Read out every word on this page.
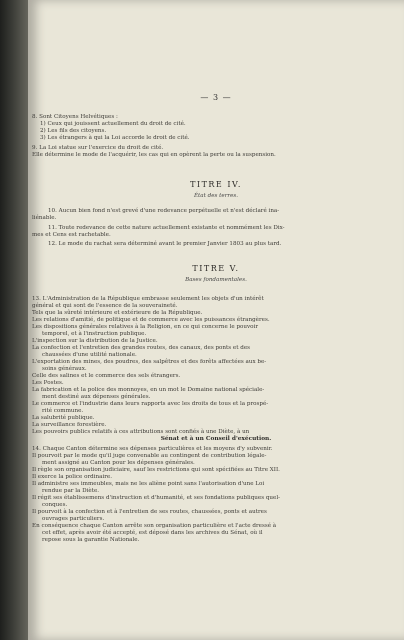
— 3 —
8. Sont Citoyens Helvétiques :
1) Ceux qui jouissent actuellement du droit de cité.
2) Les fils des citoyens.
3) Les étrangers à qui la Loi accorde le droit de cité.
9. La Loi statue sur l'exercice du droit de cité.
Elle détermine le mode de l'acquérir, les cas qui en opèrent la perte ou la suspension.
TITRE IV.
État des terres.
10. Aucun bien fond n'est grevé d'une redevance perpétuelle et n'est déclaré ina-
liénable.
11. Toute redevance de cette nature actuellement existante et nommément les Dix-
mes et Cens est rachetable.
12. Le mode du rachat sera déterminé avant le premier Janvier 1803 au plus tard.
TITRE V.
Bases fondamentales.
13. L'Administration de la République embrasse seulement les objets d'un intérêt
général et qui sont de l'essence de la souveraineté.
Tels que la sûreté intérieure et extérieure de la République.
Les relations d'amitié, de politique et de commerce avec les puissances étrangères.
Les dispositions générales relatives à la Religion, en ce qui concerne le pouvoir
temporel, et à l'instruction publique.
L'inspection sur la distribution de la Justice.
La confection et l'entretien des grandes routes, des canaux, des ponts et des
chaussées d'une utilité nationale.
L'exportation des mines, des poudres, des salpêtres et des forêts affectées aux be-
soins généraux.
Celle des salines et le commerce des sels étrangers.
Les Postes.
La fabrication et la police des monnoyes, en un mot le Domaine national spéciale-
ment destiné aux dépenses générales.
Le commerce et l'industrie dans leurs rapports avec les droits de tous et la prospé-
rité commune.
La salubrité publique.
La surveillance forestière.
Les pouvoirs publics relatifs à ces attributions sont confiés à une Diète, à un
Sénat et à un Conseil d'exécution.
14. Chaque Canton détermine ses dépenses particulières et les moyens d'y subvenir.
Il pourvoit par le mode qu'il juge convenable au contingent de contribution légale-
ment assigné au Canton pour les dépenses générales.
Il règle son organisation judiciaire, sauf les restrictions qui sont spécifiées au Titre XII.
Il exerce la police ordinaire.
Il administre ses immeubles, mais ne les aliène point sans l'autorisation d'une Loi
rendue par la Diète.
Il régit ses établissemens d'instruction et d'humanité, et ses fondations publiques quel-
conques.
Il pourvoit à la confection et à l'entretien de ses routes, chaussées, ponts et autres
ouvrages particuliers.
En conséquence chaque Canton arrête son organisation particulière et l'acte dressé à
cet effet, après avoir été accepté, est déposé dans les archives du Sénat, où il
repose sous la garantie Nationale.
